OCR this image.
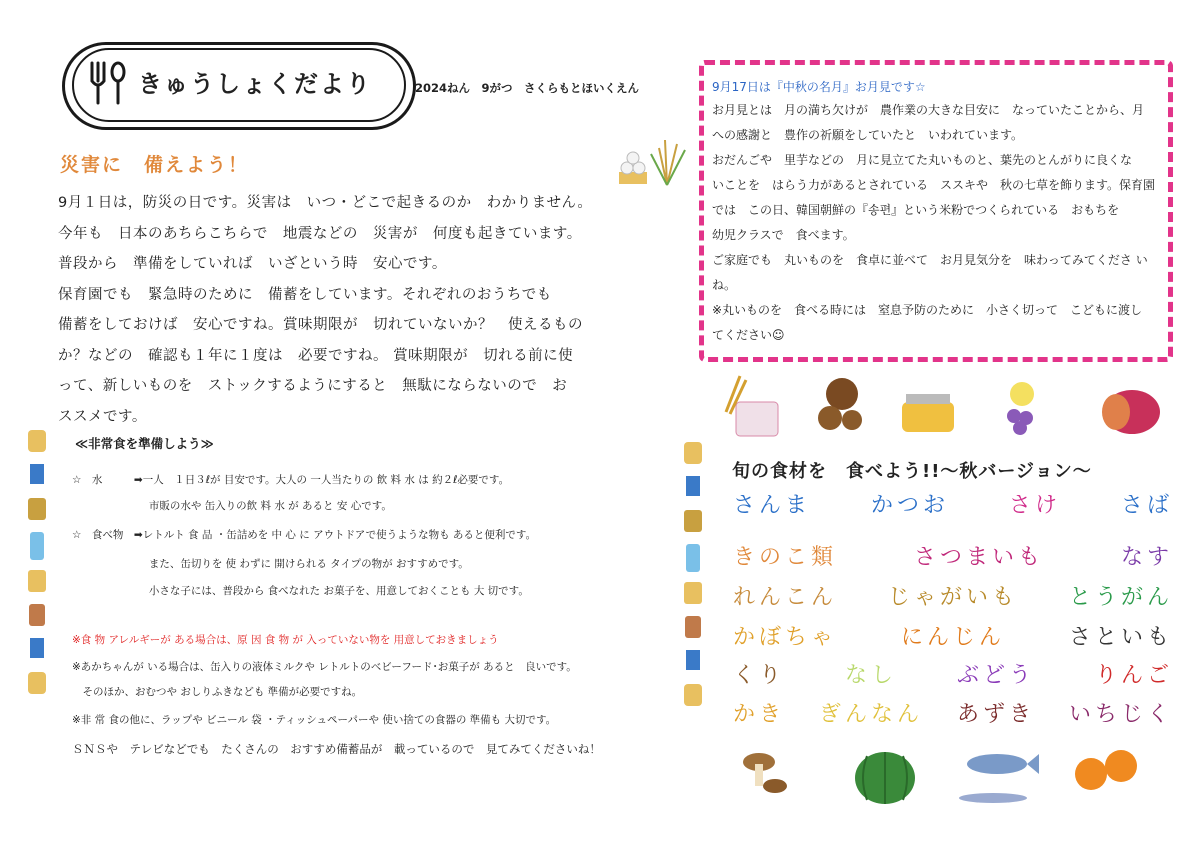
きゅうしょくだより	2024ねん　9がつ　さくらもとほいくえん
災害に　備えよう！

9月１日は，防災の日です。災害は　いつ・どこで起きるのか　わかりません。

今年も　日本のあちらこちらで　地震などの　災害が　何度も起きています。

普段から　準備をしていれば　いざという時　安心です。

保育園でも　緊急時のために　備蓄をしています。それぞれのおうちでも

備蓄をしておけば　安心ですね。賞味期限が　切れていないか？　使えるもの

か？などの　確認も１年に１度は　必要ですね。 賞味期限が　切れる前に使

って、新しいものを　ストックするようにすると　無駄にならないので　お

ススメです。

≪非常食を準備しよう≫
☆　水　　　➡一人　１日３ℓが 目安です。大人の 一人当たりの 飲 料 水 は 約２ℓ必要です。
　　　　　　　 市販の水や 缶入りの飲 料 水 が あると 安 心です。
☆　食べ物　➡レトルト 食 品 ・缶詰めを 中 心 に アウトドアで使うような物も あると便利です。
　　　　　　　 また、缶切りを 使 わずに 開けられる タイプの物が おすすめです。
　　　　　　　 小さな子には、普段から 食べなれた お菓子を、用意しておくことも 大 切です。
※食 物 アレルギーが ある場合は、原 因 食 物 が 入っていない物を 用意しておきましょう
※あかちゃんが いる場合は、缶入りの液体ミルクや レトルトのベビーフード･お菓子が あると　良いです。
　そのほか、おむつや おしりふきなども 準備が必要ですね。
※非 常 食の他に、ラップや ビニール 袋 ・ティッシュペーパーや 使い捨ての食器の 準備も 大切です。
ＳＮＳや　テレビなどでも　たくさんの　おすすめ備蓄品が　載っているので　見てみてくださいね！
9月17日は『中秋の名月』お月見です☆

お月見とは　月の満ち欠けが　農作業の大きな目安に　なっていたことから、月

への感謝と　豊作の祈願をしていたと　いわれています。

おだんごや　里芋などの　月に見立てた丸いものと、葉先のとんがりに良くな

いことを　はらう力があるとされている　ススキや　秋の七草を飾ります。保育園

では　この日、韓国朝鮮の『송편』という米粉でつくられている　おもちを

幼児クラスで　食べます。

ご家庭でも　丸いものを　食卓に並べて　お月見気分を　味わってみてくださ い

ね。

※丸いものを　食べる時には　窒息予防のために　小さく切って　こどもに渡し

てください☺

旬の食材を　食べよう!!～秋バージョン～
さんま	かつお	さけ	さば
きのこ類	さつまいも	なす
れんこん じゃがいも とうがん
かぼちゃ	にんじん	さといも
くり	なし	ぶどう	りんご
かき ぎんなん あずき いちじく
